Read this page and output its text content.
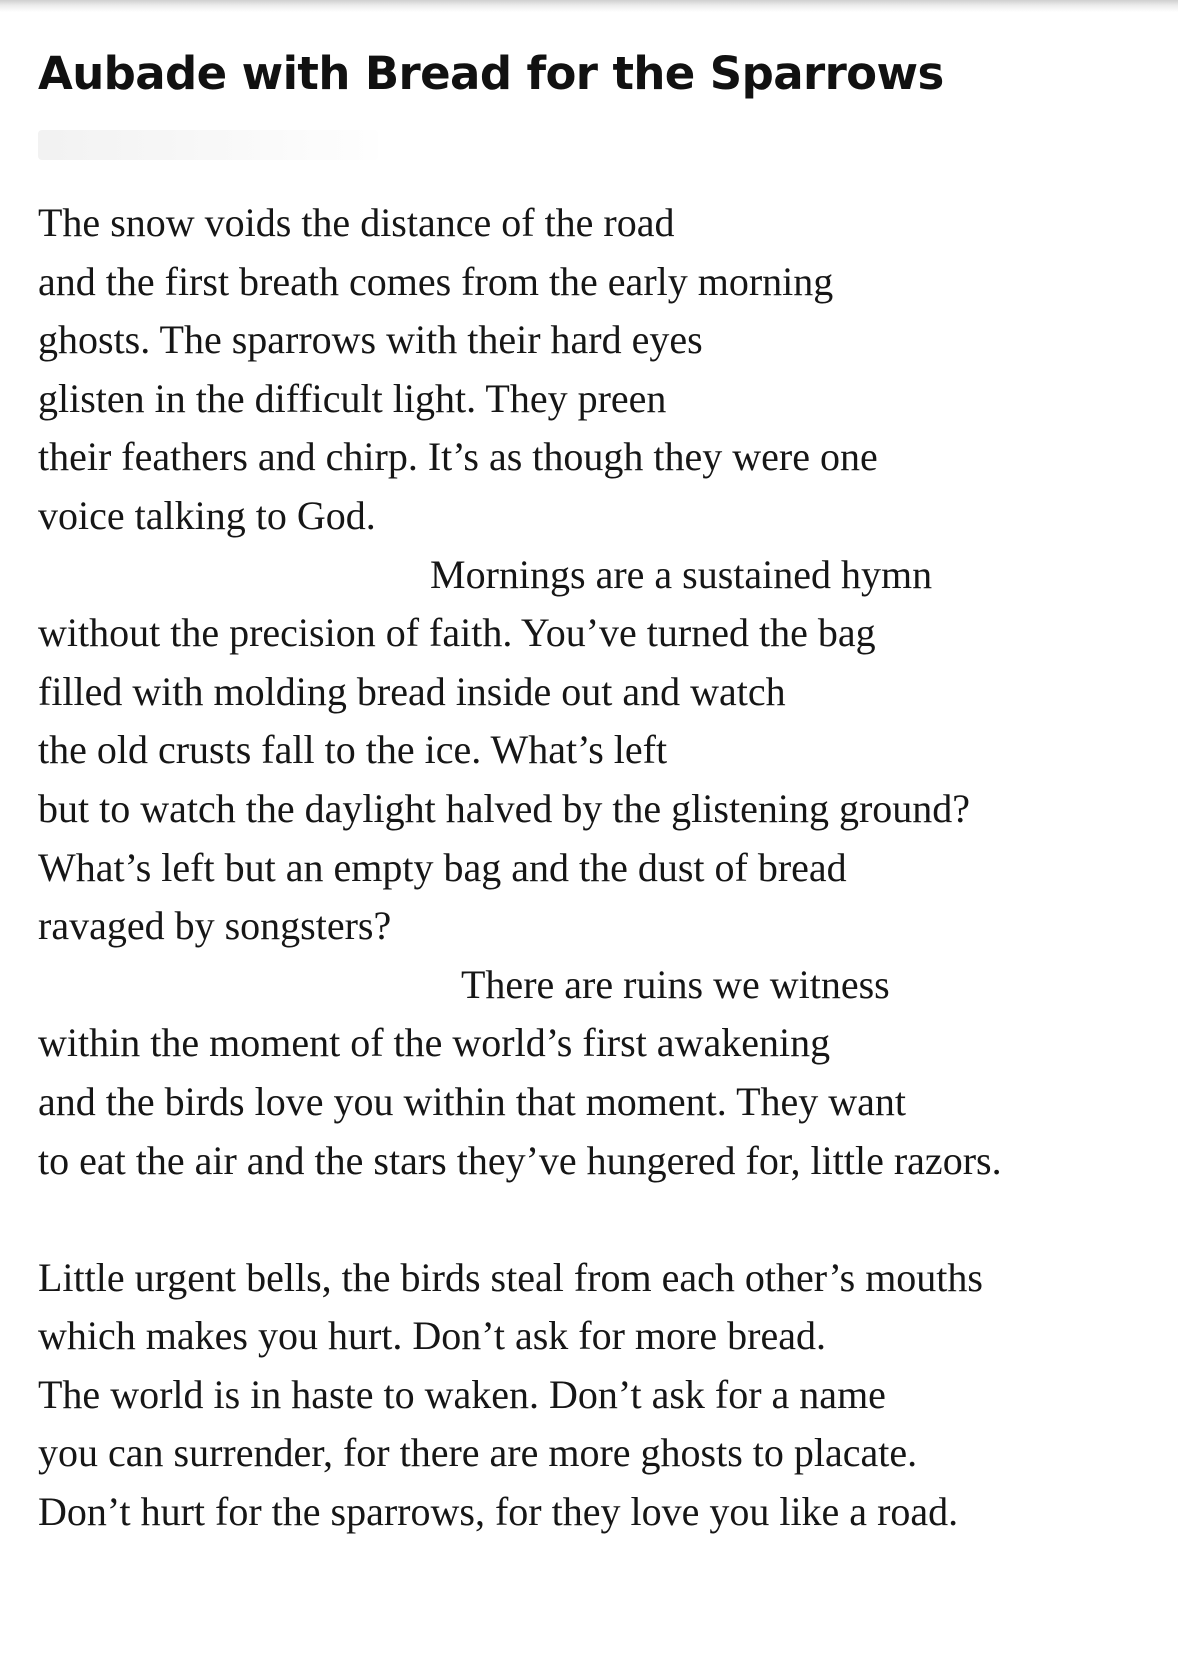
Aubade with Bread for the Sparrows
The snow voids the distance of the road
and the first breath comes from the early morning
ghosts. The sparrows with their hard eyes
glisten in the difficult light. They preen
their feathers and chirp. It’s as though they were one
voice talking to God.
Mornings are a sustained hymn
without the precision of faith. You’ve turned the bag
filled with molding bread inside out and watch
the old crusts fall to the ice. What’s left
but to watch the daylight halved by the glistening ground?
What’s left but an empty bag and the dust of bread
ravaged by songsters?
There are ruins we witness
within the moment of the world’s first awakening
and the birds love you within that moment. They want
to eat the air and the stars they’ve hungered for, little razors.
Little urgent bells, the birds steal from each other’s mouths
which makes you hurt. Don’t ask for more bread.
The world is in haste to waken. Don’t ask for a name
you can surrender, for there are more ghosts to placate.
Don’t hurt for the sparrows, for they love you like a road.
